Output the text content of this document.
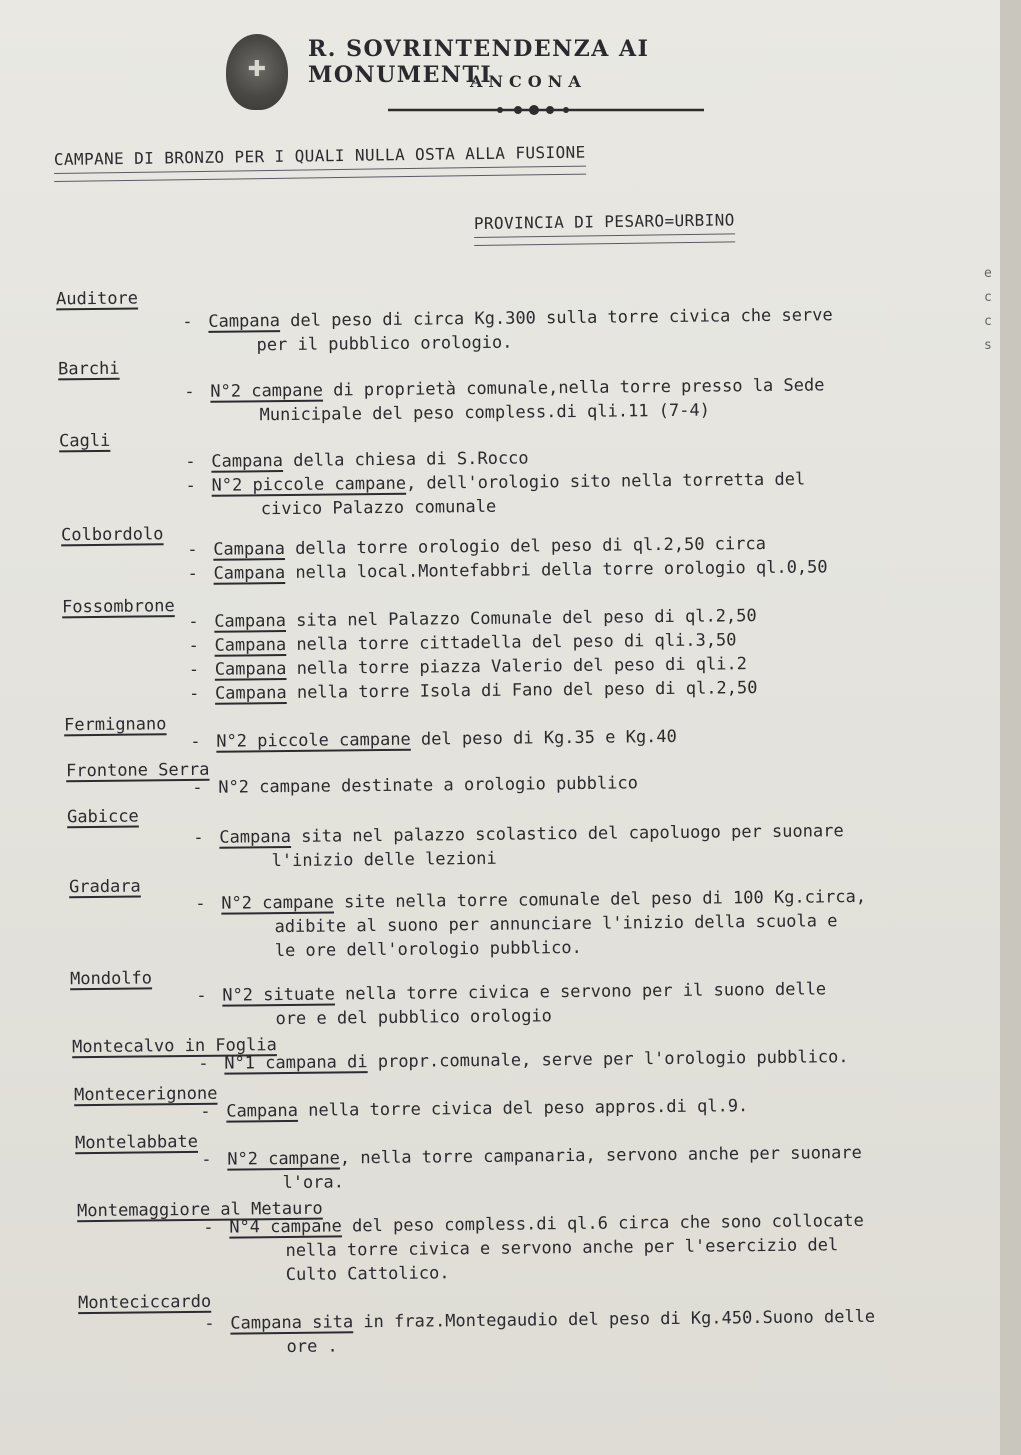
✚
R. SOVRINTENDENZA AI MONUMENTI
ANCONA
CAMPANE DI BRONZO PER I QUALI NULLA OSTA ALLA FUSIONE
PROVINCIA DI PESARO=URBINO
e c
c
s
Auditore
- Campana del peso di circa Kg.300 sulla torre civica che serve
per il pubblico orologio.
Barchi
- N°2 campane di proprietà comunale,nella torre presso la Sede
Municipale del peso compless.di qli.11 (7-4)
Cagli
- Campana della chiesa di S.Rocco
- N°2 piccole campane, dell'orologio sito nella torretta del
civico Palazzo comunale
Colbordolo
- Campana della torre orologio del peso di ql.2,50 circa
- Campana nella local.Montefabbri della torre orologio ql.0,50
Fossombrone
- Campana sita nel Palazzo Comunale del peso di ql.2,50
- Campana nella torre cittadella del peso di qli.3,50
- Campana nella torre piazza Valerio del peso di qli.2
- Campana nella torre Isola di Fano del peso di ql.2,50
Fermignano
- N°2 piccole campane del peso di Kg.35 e Kg.40
Frontone Serra
- N°2 campane destinate a orologio pubblico
Gabicce
- Campana sita nel palazzo scolastico del capoluogo per suonare
l'inizio delle lezioni
Gradara
- N°2 campane site nella torre comunale del peso di 100 Kg.circa,
adibite al suono per annunciare l'inizio della scuola e
le ore dell'orologio pubblico.
Mondolfo
- N°2 situate nella torre civica e servono per il suono delle
ore e del pubblico orologio
Montecalvo in Foglia
- N°1 campana di propr.comunale, serve per l'orologio pubblico.
Montecerignone
- Campana nella torre civica del peso appros.di ql.9.
Montelabbate
- N°2 campane, nella torre campanaria, servono anche per suonare
l'ora.
Montemaggiore al Metauro
- N°4 campane del peso compless.di ql.6 circa che sono collocate
nella torre civica e servono anche per l'esercizio del
Culto Cattolico.
Monteciccardo
- Campana sita in fraz.Montegaudio del peso di Kg.450.Suono delle
ore .
